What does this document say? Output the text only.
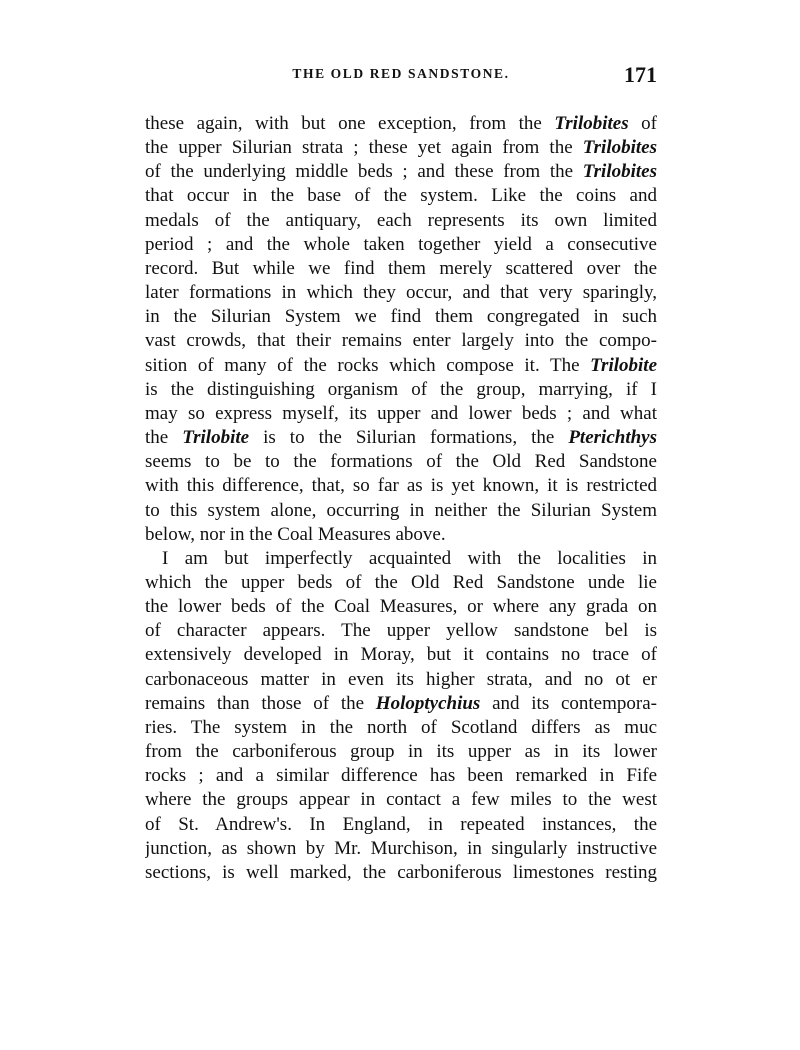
THE OLD RED SANDSTONE.	171
these again, with but one exception, from the Trilobites of
the upper Silurian strata ; these yet again from the Trilobites
of the underlying middle beds ; and these from the Trilobites
that occur in the base of the system. Like the coins and
medals of the antiquary, each represents its own limited
period ; and the whole taken together yield a consecutive
record. But while we find them merely scattered over the
later formations in which they occur, and that very sparingly,
in the Silurian System we find them congregated in such
vast crowds, that their remains enter largely into the compo-
sition of many of the rocks which compose it. The Trilobite
is the distinguishing organism of the group, marrying, if I
may so express myself, its upper and lower beds ; and what
the Trilobite is to the Silurian formations, the Pterichthys
seems to be to the formations of the Old Red Sandstone
with this difference, that, so far as is yet known, it is restricted
to this system alone, occurring in neither the Silurian System
below, nor in the Coal Measures above.
I am but imperfectly acquainted with the localities in
which the upper beds of the Old Red Sandstone unde lie
the lower beds of the Coal Measures, or where any grada on
of character appears. The upper yellow sandstone bel is
extensively developed in Moray, but it contains no trace of
carbonaceous matter in even its higher strata, and no ot er
remains than those of the Holoptychius and its contempora-
ries. The system in the north of Scotland differs as muc
from the carboniferous group in its upper as in its lower
rocks ; and a similar difference has been remarked in Fife
where the groups appear in contact a few miles to the west
of St. Andrew's. In England, in repeated instances, the
junction, as shown by Mr. Murchison, in singularly instructive
sections, is well marked, the carboniferous limestones resting
